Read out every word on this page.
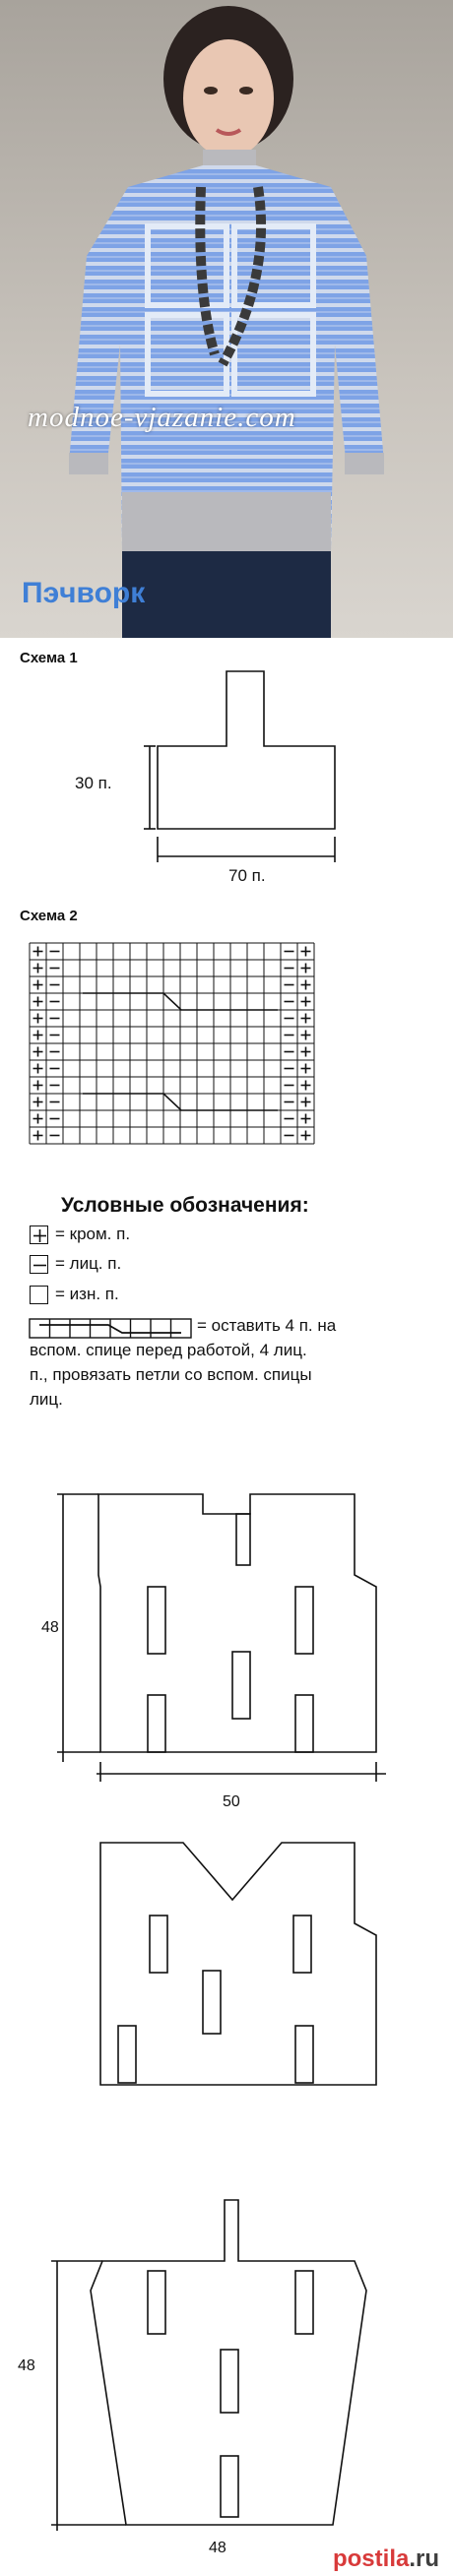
modnoe-vjazanie.com
Пэчворк
Схема 1
30 п.
70 п.
Схема 2
Условные обозначения:
= кром. п.
= лиц. п.
= изн. п.
= оставить 4 п. на
вспом. спице перед работой, 4 лиц.
п., провязать петли со вспом. спицы
лиц.
48
50
48
48	postila.ru
